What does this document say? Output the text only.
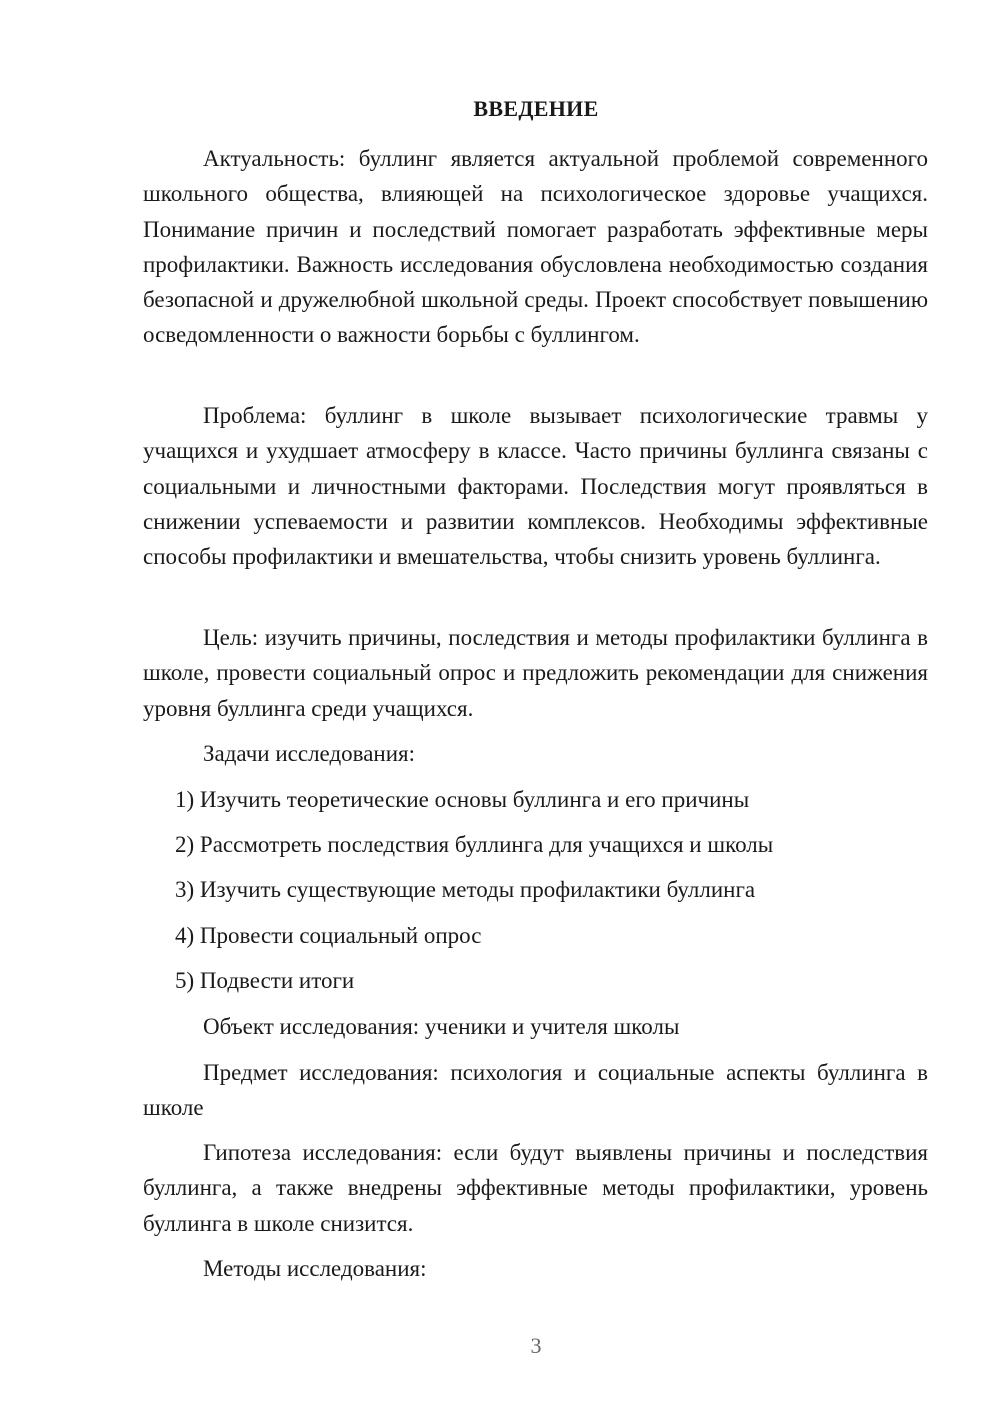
ВВЕДЕНИЕ

Актуальность: буллинг является актуальной проблемой современного школьного общества, влияющей на психологическое здоровье учащихся. Понимание причин и последствий помогает разработать эффективные меры профилактики. Важность исследования обусловлена необходимостью создания безопасной и дружелюбной школьной среды. Проект способствует повышению осведомленности о важности борьбы с буллингом.

Проблема: буллинг в школе вызывает психологические травмы у учащихся и ухудшает атмосферу в классе. Часто причины буллинга связаны с социальными и личностными факторами. Последствия могут проявляться в снижении успеваемости и развитии комплексов. Необходимы эффективные способы профилактики и вмешательства, чтобы снизить уровень буллинга.

Цель: изучить причины, последствия и методы профилактики буллинга в школе, провести социальный опрос и предложить рекомендации для снижения уровня буллинга среди учащихся.

Задачи исследования:

1) Изучить теоретические основы буллинга и его причины

2) Рассмотреть последствия буллинга для учащихся и школы

3) Изучить существующие методы профилактики буллинга

4) Провести социальный опрос

5) Подвести итоги

Объект исследования: ученики и учителя школы

Предмет исследования: психология и социальные аспекты буллинга в школе

Гипотеза исследования: если будут выявлены причины и последствия буллинга, а также внедрены эффективные методы профилактики, уровень буллинга в школе снизится.

Методы исследования:

3
